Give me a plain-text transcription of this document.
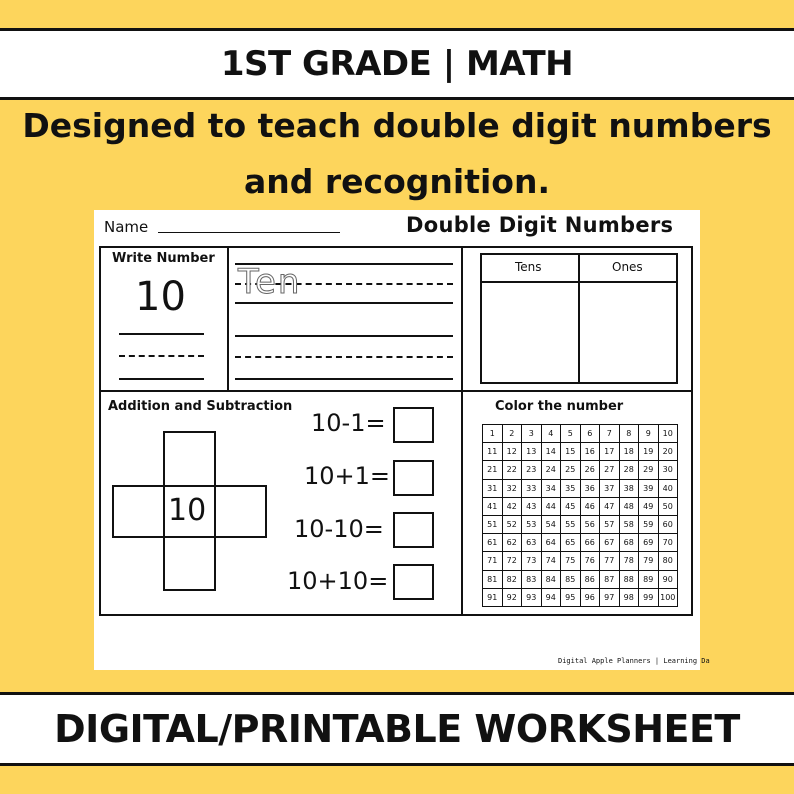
1ST GRADE | MATH
Designed to teach double digit numbers
and recognition.
DIGITAL/PRINTABLE WORKSHEET
Name	Double Digit Numbers
Write Number
10 Ten	Tens	Ones
Addition and Subtraction
10
10-1=
10+1=
10-10=
10+10=
Color the number
1	2	3	4	5	6	7	8	9	10
11	12	13	14	15	16	17	18	19	20
21	22	23	24	25	26	27	28	29	30
31	32	33	34	35	36	37	38	39	40
41	42	43	44	45	46	47	48	49	50
51	52	53	54	55	56	57	58	59	60
61	62	63	64	65	66	67	68	69	70
71	72	73	74	75	76	77	78	79	80
81	82	83	84	85	86	87	88	89	90
91	92	93	94	95	96	97	98	99 100
Digital Apple Planners | Learning Da
